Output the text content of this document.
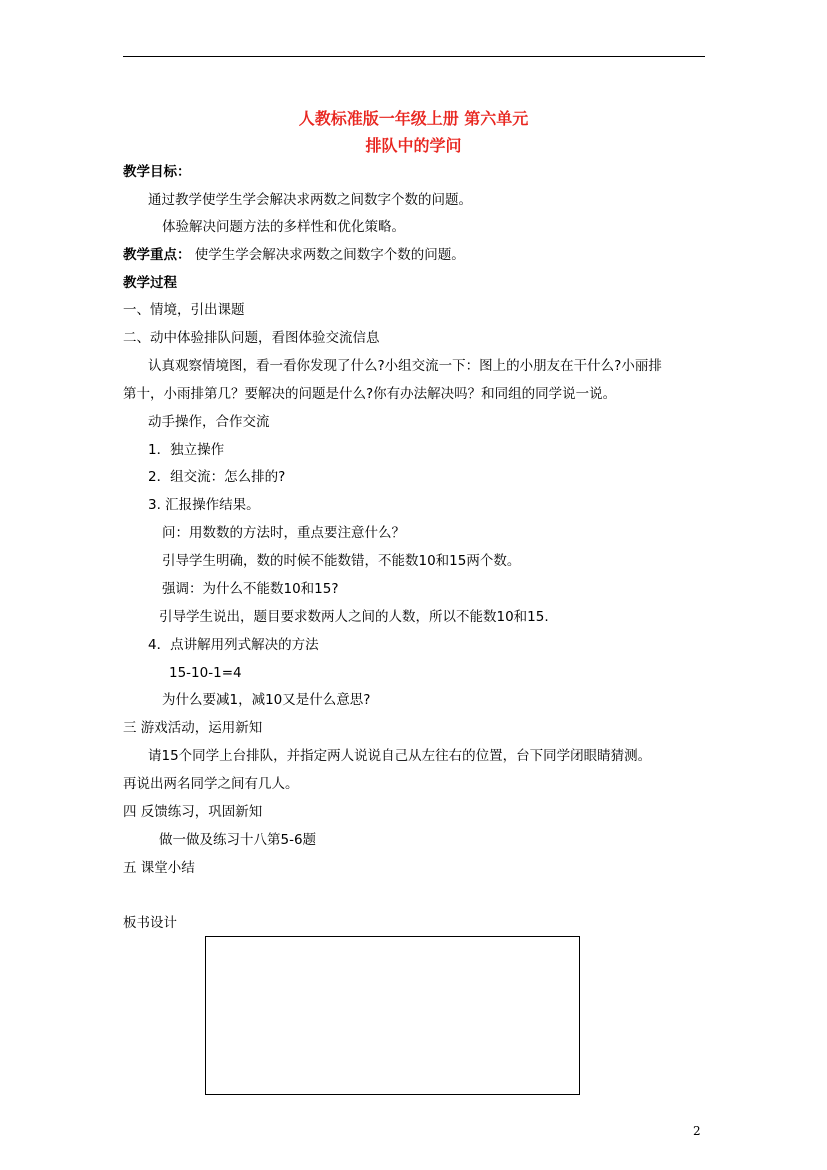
人教标准版一年级上册 第六单元
排队中的学问
教学目标：
通过教学使学生学会解决求两数之间数字个数的问题。
体验解决问题方法的多样性和优化策略。
教学重点： 使学生学会解决求两数之间数字个数的问题。
教学过程
一、情境，引出课题
二、动中体验排队问题，看图体验交流信息
认真观察情境图，看一看你发现了什么?小组交流一下：图上的小朋友在干什么?小丽排
第十，小雨排第几？要解决的问题是什么?你有办法解决吗？和同组的同学说一说。
动手操作，合作交流
1．独立操作
2．组交流：怎么排的?
3. 汇报操作结果。
问：用数数的方法时，重点要注意什么？
引导学生明确，数的时候不能数错，不能数10和15两个数。
强调：为什么不能数10和15?
引导学生说出，题目要求数两人之间的人数，所以不能数10和15.
4．点讲解用列式解决的方法
15-10-1=4
为什么要减1，减10又是什么意思?
三 游戏活动，运用新知
请15个同学上台排队，并指定两人说说自己从左往右的位置，台下同学闭眼睛猜测。
再说出两名同学之间有几人。
四 反馈练习，巩固新知
做一做及练习十八第5-6题
五 课堂小结
板书设计
2
